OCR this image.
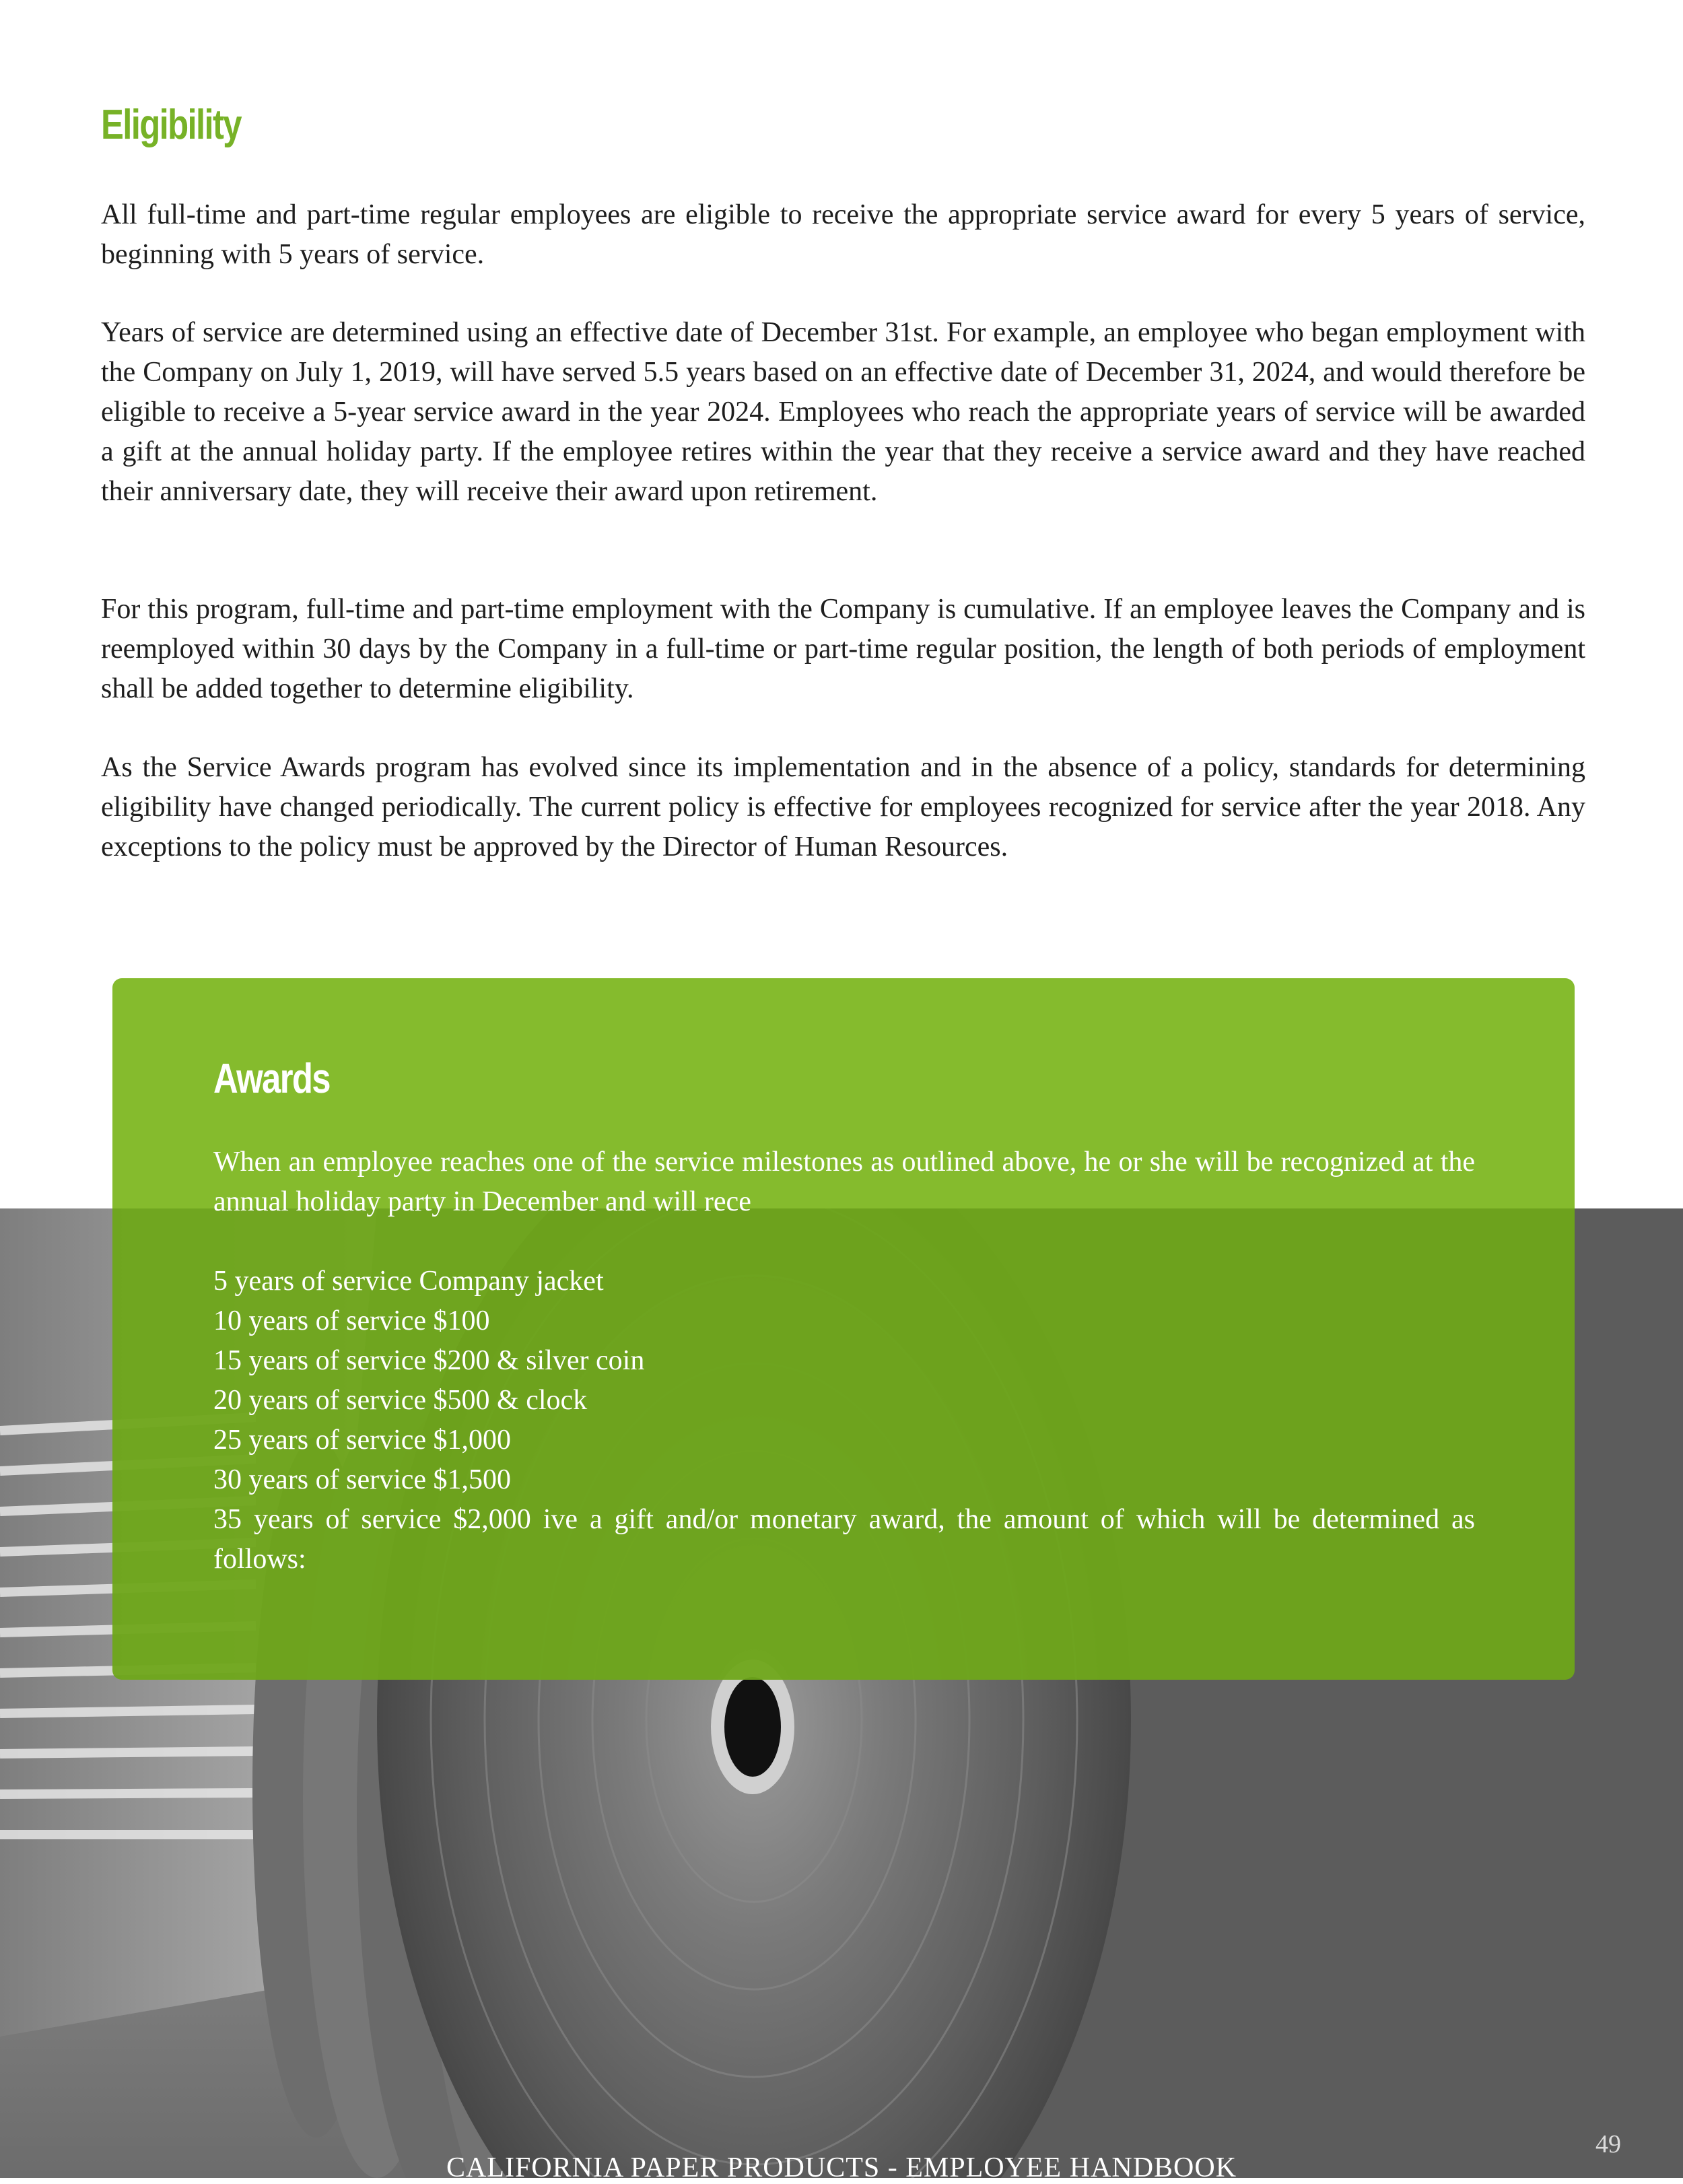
Eligibility

All full-time and part-time regular employees are eligible to receive the appropriate service award for every 5 years of service, beginning with 5 years of service.

Years of service are determined using an effective date of December 31st. For example, an employee who began employment with the Company on July 1, 2019, will have served 5.5 years based on an effective date of December 31, 2024, and would therefore be eligible to receive a 5-year service award in the year 2024. Employees who reach the appropriate years of service will be awarded a gift at the annual holiday party. If the employee retires within the year that they receive a service award and they have reached their anniversary date, they will receive their award upon retirement.

For this program, full-time and part-time employment with the Company is cumulative. If an employee leaves the Company and is reemployed within 30 days by the Company in a full-time or part-time regular position, the length of both periods of employment shall be added together to determine eligibility.

As the Service Awards program has evolved since its implementation and in the absence of a policy, standards for determining eligibility have changed periodically. The current policy is effective for employees recognized for service after the year 2018. Any exceptions to the policy must be approved by the Director of Human Resources.

Awards

When an employee reaches one of the service milestones as outlined above, he or she will be recognized at the annual holiday party in December and will rece

5 years of service Company jacket
10 years of service $100
15 years of service $200 & silver coin
20 years of service $500 & clock
25 years of service $1,000
30 years of service $1,500
35 years of service $2,000 ive a gift and/or monetary award, the amount of which will be determined as follows:
CALIFORNIA PAPER PRODUCTS - EMPLOYEE HANDBOOK
49
